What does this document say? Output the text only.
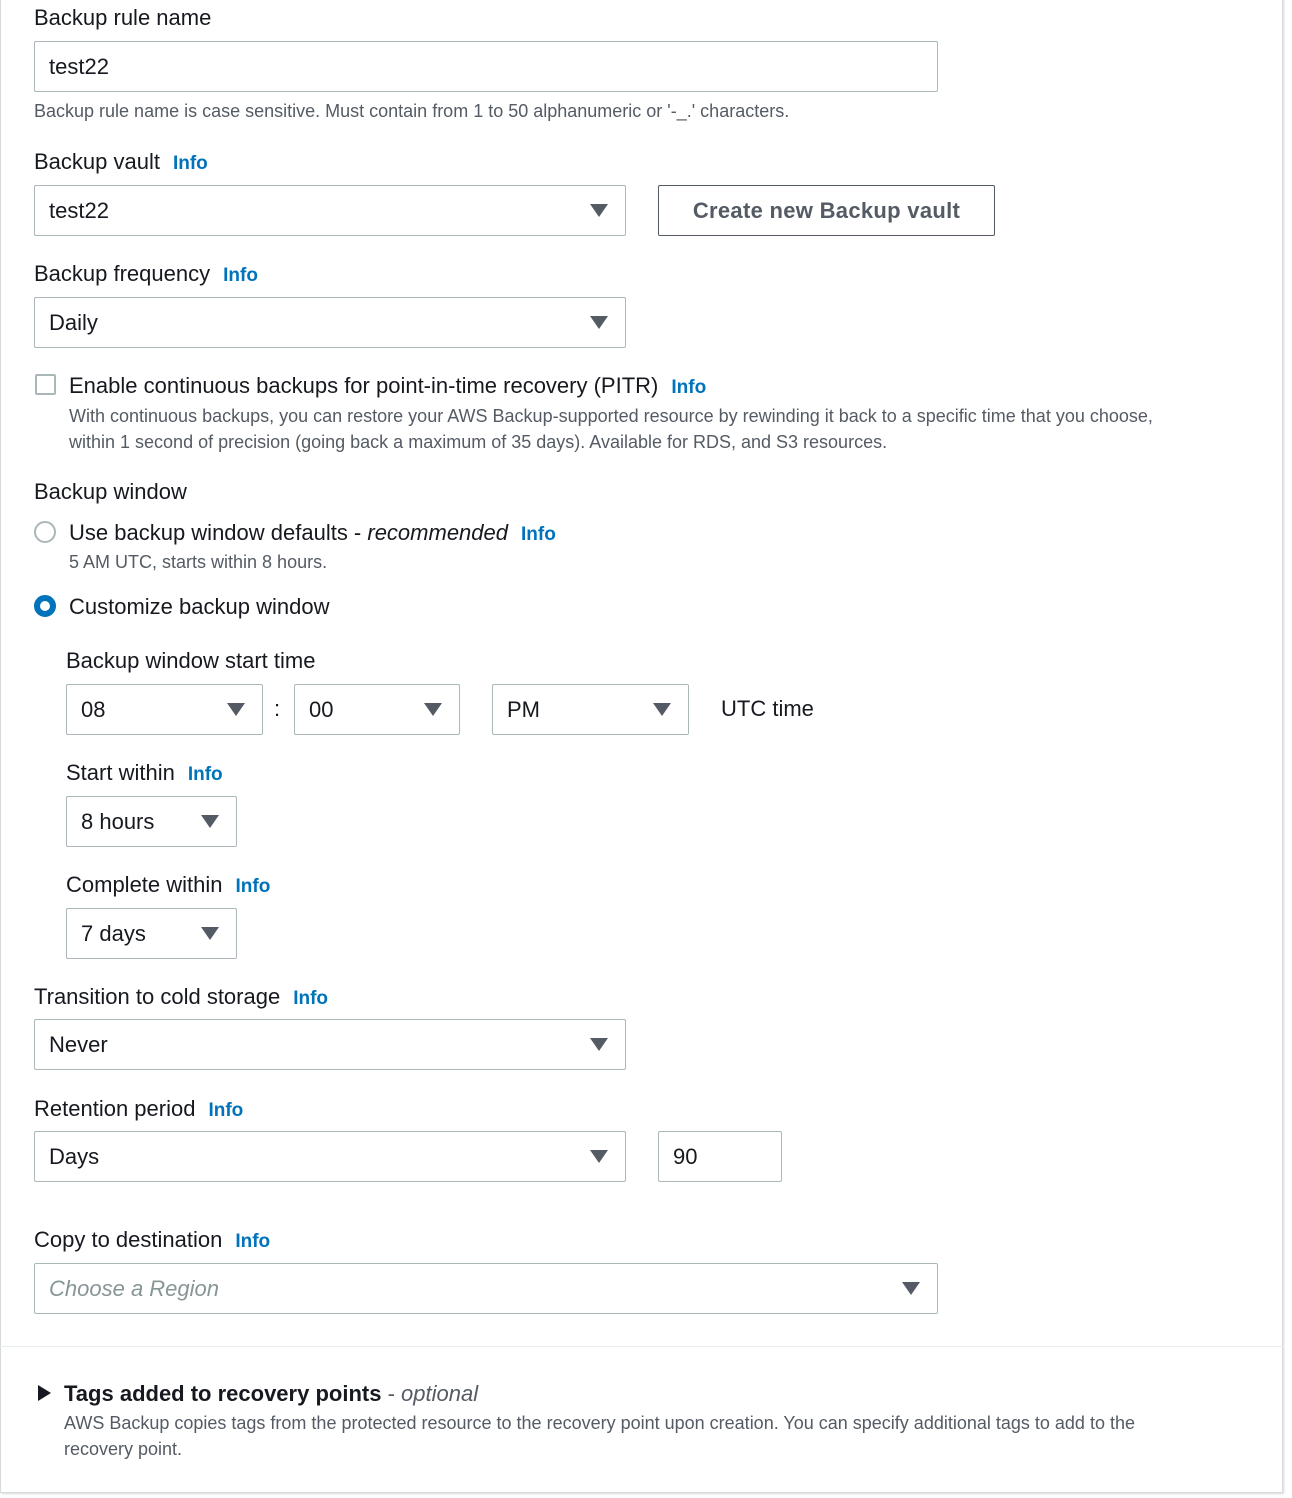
Backup rule name
test22
Backup rule name is case sensitive. Must contain from 1 to 50 alphanumeric or '-_.' characters.
Backup vault Info
test22	Create new Backup vault
Backup frequency Info
Daily
Enable continuous backups for point-in-time recovery (PITR) Info
With continuous backups, you can restore your AWS Backup-supported resource by rewinding it back to a specific time that you choose,
within 1 second of precision (going back a maximum of 35 days). Available for RDS, and S3 resources.
Backup window
Use backup window defaults - recommended Info
5 AM UTC, starts within 8 hours.
Customize backup window
Backup window start time
08	: 00	PM	UTC time
Start within Info
8 hours
Complete within Info
7 days
Transition to cold storage Info
Never
Retention period Info
Days	90
Copy to destination Info
Choose a Region
Tags added to recovery points - optional
AWS Backup copies tags from the protected resource to the recovery point upon creation. You can specify additional tags to add to the
recovery point.
